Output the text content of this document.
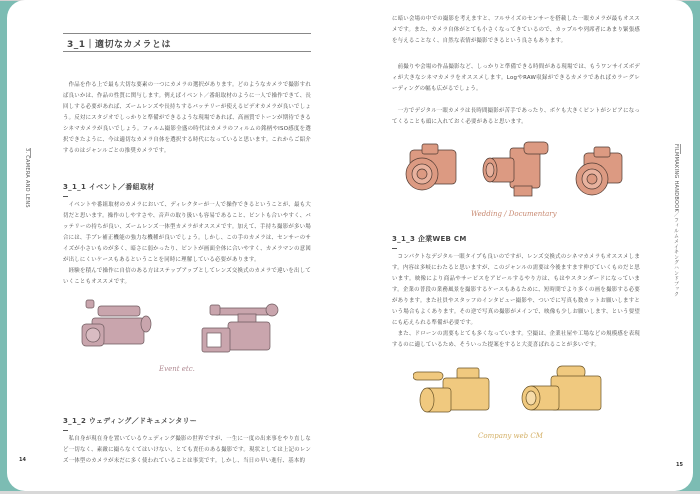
3. CAMERA AND LENS
3_1｜適切なカメラとは
　作品を作る上で最も大切な要素の一つにカメラの選択があります。どのようなカメラで撮影すれば良いかは、作品の性質に関与します。例えばイベント／番組取材のように一人で操作できて、長回しする必要があれば、ズームレンズや長持ちするバッテリーが使えるビデオカメラが良いでしょう。反対にスタジオでしっかりと準備ができるような現場であれば、高画質でトーンが期待できるシネマカメラが良いでしょう。フィルム撮影全盛の時代はカメラのフィルムの銘柄やISO感度を選択できたように、今は適切なカメラ自体を選択する時代になっていると思います。これからご紹介するのはジャンルごとの推奨カメラです。
3_1_1 イベント／番組取材
　イベントや番組取材のカメラにおいて、ディレクターが一人で操作できるということが、最も大切だと思います。操作のしやすさや、音声の取り扱いも容易であること、ピントも合いやすく、バッテリーの持ちが良い、ズームレンズ一体型カメラがオススメです。加えて、手持ち撮影が多い場合には、手ブレ補正機能の強力な機種が良いでしょう。しかし、この手のカメラは、センサーのサイズが小さいものが多く、暗さに弱かったり、ピントが画面全体に合いやすく、カメラマンの意図が出しにくいケースもあるということを同時に理解している必要があります。
　経験を積んで操作に自信のある方はステップアップとしてレンズ交換式のカメラで違いを出していくこともオススメです。
Event etc.
3_1_2 ウェディング／ドキュメンタリー
　私自身が現在身を置いているウェディング撮影の世界ですが、一生に一度の出来事をやり直しなど一切なく、素敵に撮らなくてはいけない、とても責任のある撮影です。現状としては上記のレンズ一体型のカメラが未だに多く使われていることは事実です。しかし、当日の早い進行、基本的
14
に暗い会場の中での撮影を考えますと、フルサイズのセンサーを搭載した一眼カメラが最もオススメです。また、カメラ自体がとても小さくなってきているので、カップルや列席者にあまり緊張感を与えることなく、自然な表情が撮影できるという良さもあります。
　前撮りや会場の作品撮影など、しっかりと準備できる時間がある現場では、もうワンサイズボディが大きなシネマカメラをオススメします。LogやRAW収録ができるカメラであればカラーグレーディングの幅も広がるでしょう。
　一方でデジタル一眼カメラは長時間撮影が苦手であったり、ボケも大きくピントがシビアになってくることも頭に入れておく必要があると思います。
FILMMAKING HANDBOOK／フィルムメイキングハンドブック
Wedding / Documentary
3_1_3 企業WEB CM
　コンパクトなデジタル一眼タイプも良いのですが、レンズ交換式のシネマカメラもオススメします。内容は多岐にわたると思いますが、このジャンルの需要は今後ますます伸びていくものだと思います。映像により商品やサービスをアピールするやり方は、もはやスタンダードになっています。企業の普段の業務風景を撮影するケースもあるために、短時間でより多くの画を撮影する必要があります。また社員やスタッフのインタビュー撮影や、ついでに写真も数カットお願いしますという場合もよくあります。その逆で写真の撮影がメインで、映像も少しお願いします、という要望にも応えられる準備が必要です。
　また、ドローンの需要もとても多くなっています。空撮は、企業社屋や工場などの規模感を表現するのに適しているため、そういった提案をすると大変喜ばれることが多いです。
Company web CM
15
